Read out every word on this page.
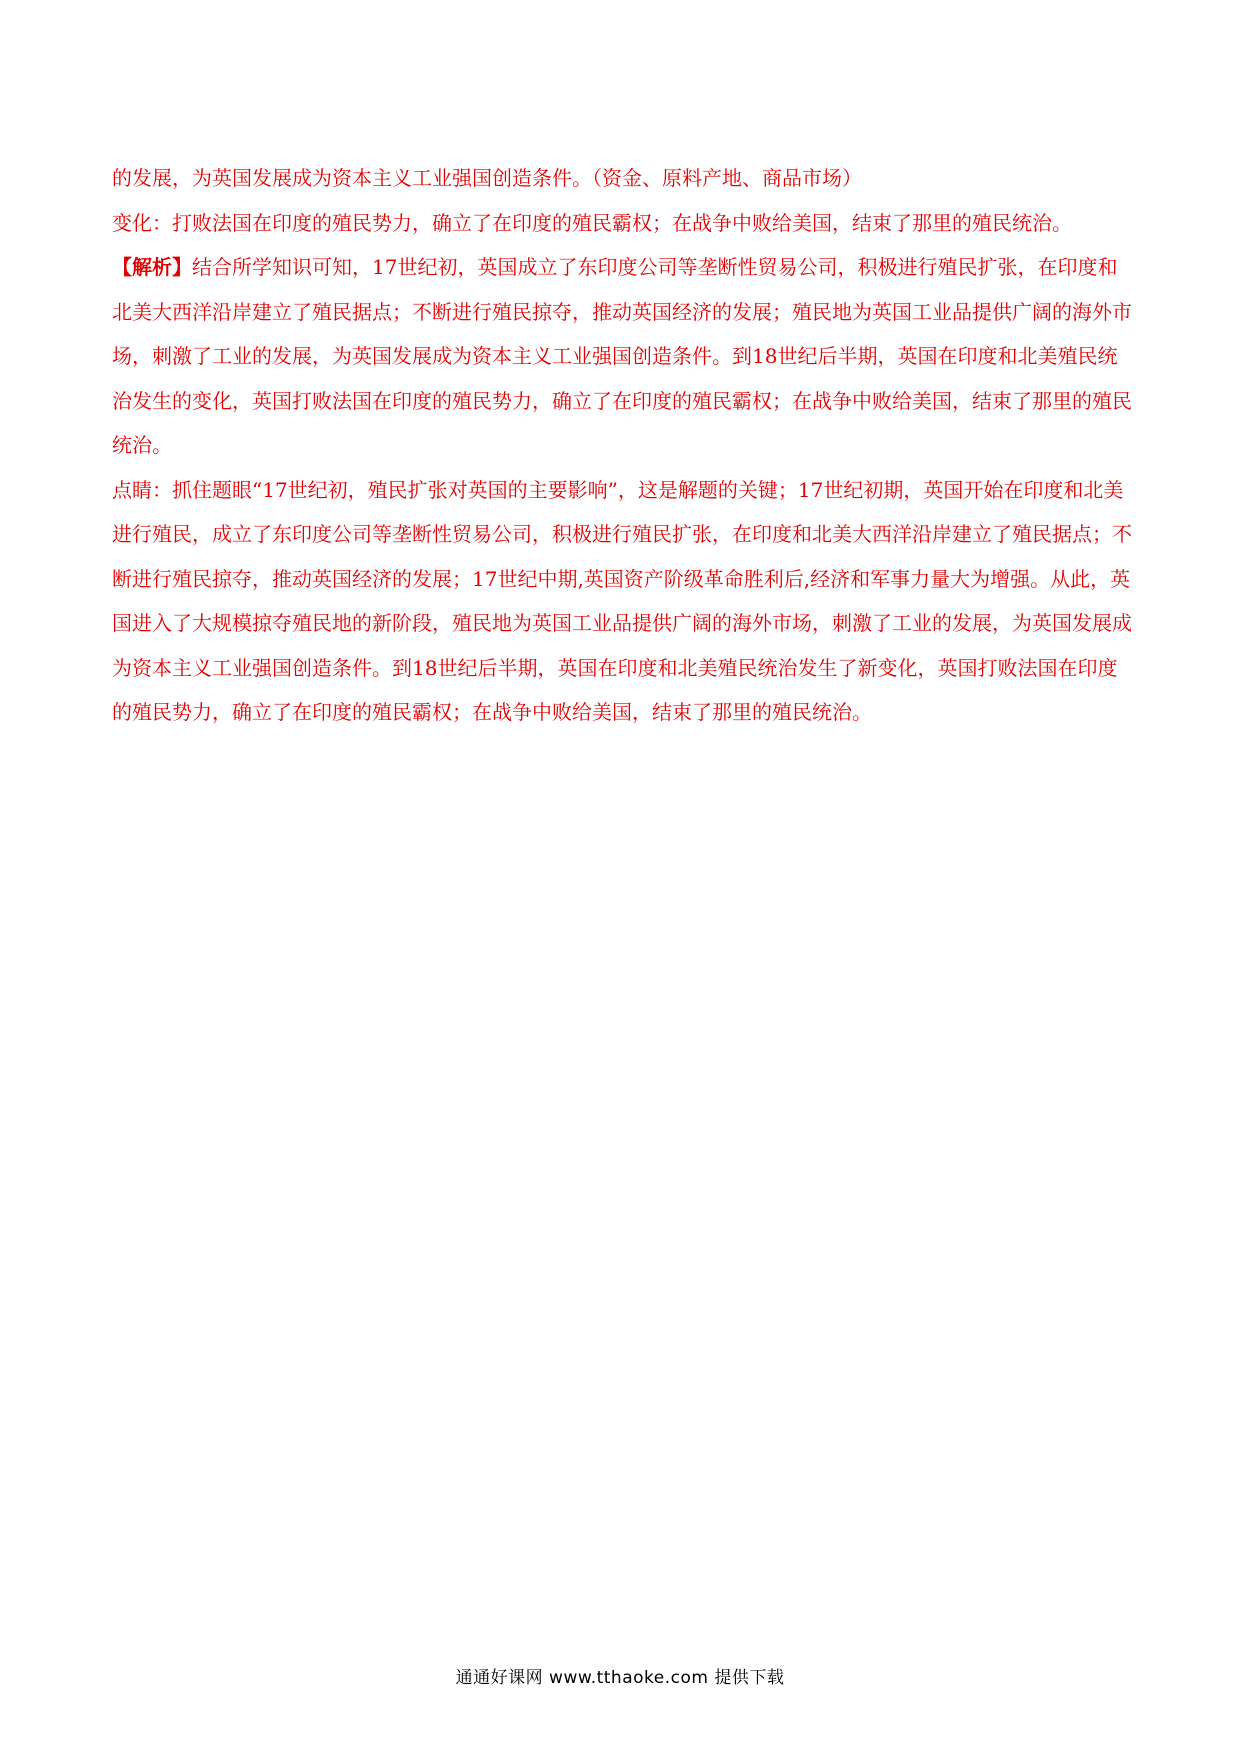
的发展，为英国发展成为资本主义工业强国创造条件。（资金、原料产地、商品市场）

变化：打败法国在印度的殖民势力，确立了在印度的殖民霸权；在战争中败给美国，结束了那里的殖民统治。

【解析】结合所学知识可知，17世纪初，英国成立了东印度公司等垄断性贸易公司，积极进行殖民扩张，在印度和北美大西洋沿岸建立了殖民据点；不断进行殖民掠夺，推动英国经济的发展；殖民地为英国工业品提供广阔的海外市场，刺激了工业的发展，为英国发展成为资本主义工业强国创造条件。到18世纪后半期，英国在印度和北美殖民统治发生的变化，英国打败法国在印度的殖民势力，确立了在印度的殖民霸权；在战争中败给美国，结束了那里的殖民统治。

点睛：抓住题眼“17世纪初，殖民扩张对英国的主要影响”，这是解题的关键；17世纪初期，英国开始在印度和北美进行殖民，成立了东印度公司等垄断性贸易公司，积极进行殖民扩张，在印度和北美大西洋沿岸建立了殖民据点；不断进行殖民掠夺，推动英国经济的发展；17世纪中期,英国资产阶级革命胜利后,经济和军事力量大为增强。从此，英国进入了大规模掠夺殖民地的新阶段，殖民地为英国工业品提供广阔的海外市场，刺激了工业的发展，为英国发展成为资本主义工业强国创造条件。到18世纪后半期，英国在印度和北美殖民统治发生了新变化，英国打败法国在印度的殖民势力，确立了在印度的殖民霸权；在战争中败给美国，结束了那里的殖民统治。

通通好课网 www.tthaoke.com 提供下载
